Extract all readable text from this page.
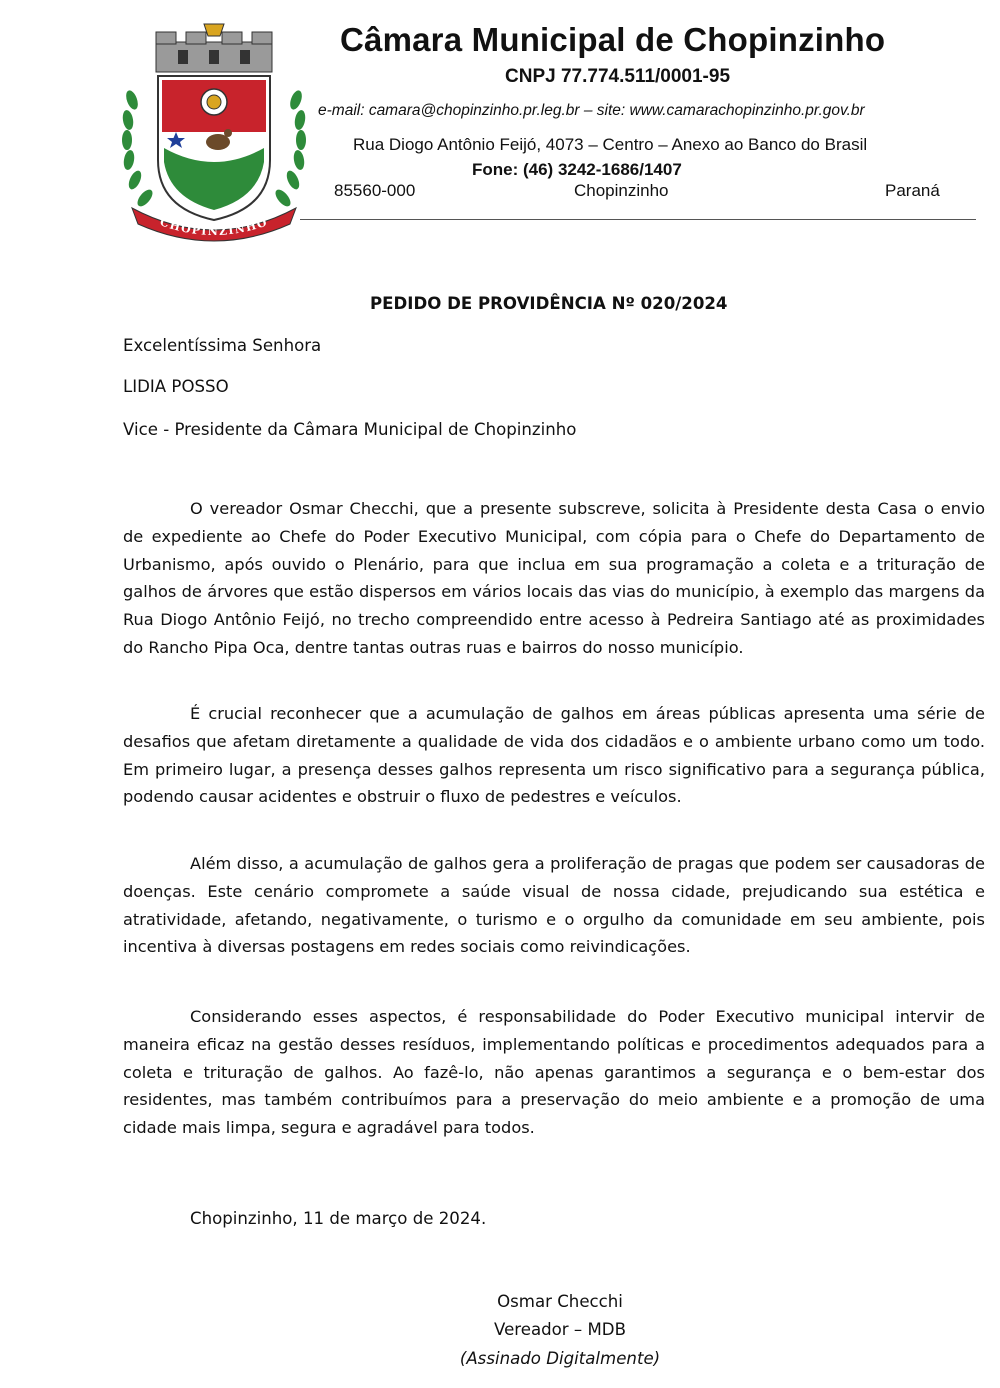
CHOPINZINHO
Câmara Municipal de Chopinzinho
CNPJ 77.774.511/0001-95
e-mail: camara@chopinzinho.pr.leg.br – site: www.camarachopinzinho.pr.gov.br
Rua Diogo Antônio Feijó, 4073 – Centro – Anexo ao Banco do Brasil
Fone: (46) 3242-1686/1407
85560-000	Chopinzinho	Paraná
PEDIDO DE PROVIDÊNCIA Nº 020/2024
Excelentíssima Senhora
LIDIA POSSO
Vice - Presidente da Câmara Municipal de Chopinzinho

O vereador Osmar Checchi, que a presente subscreve, solicita à Presidente desta Casa o envio de expediente ao Chefe do Poder Executivo Municipal, com cópia para o Chefe do Departamento de Urbanismo, após ouvido o Plenário, para que inclua em sua programação a coleta e a trituração de galhos de árvores que estão dispersos em vários locais das vias do município, à exemplo das margens da Rua Diogo Antônio Feijó, no trecho compreendido entre acesso à Pedreira Santiago até as proximidades do Rancho Pipa Oca, dentre tantas outras ruas e bairros do nosso município.

É crucial reconhecer que a acumulação de galhos em áreas públicas apresenta uma série de desafios que afetam diretamente a qualidade de vida dos cidadãos e o ambiente urbano como um todo. Em primeiro lugar, a presença desses galhos representa um risco significativo para a segurança pública, podendo causar acidentes e obstruir o fluxo de pedestres e veículos.

Além disso, a acumulação de galhos gera a proliferação de pragas que podem ser causadoras de doenças. Este cenário compromete a saúde visual de nossa cidade, prejudicando sua estética e atratividade, afetando, negativamente, o turismo e o orgulho da comunidade em seu ambiente, pois incentiva à diversas postagens em redes sociais como reivindicações.

Considerando esses aspectos, é responsabilidade do Poder Executivo municipal intervir de maneira eficaz na gestão desses resíduos, implementando políticas e procedimentos adequados para a coleta e trituração de galhos. Ao fazê-lo, não apenas garantimos a segurança e o bem-estar dos residentes, mas também contribuímos para a preservação do meio ambiente e a promoção de uma cidade mais limpa, segura e agradável para todos.

Chopinzinho, 11 de março de 2024.
Osmar Checchi
Vereador – MDB
(Assinado Digitalmente)
